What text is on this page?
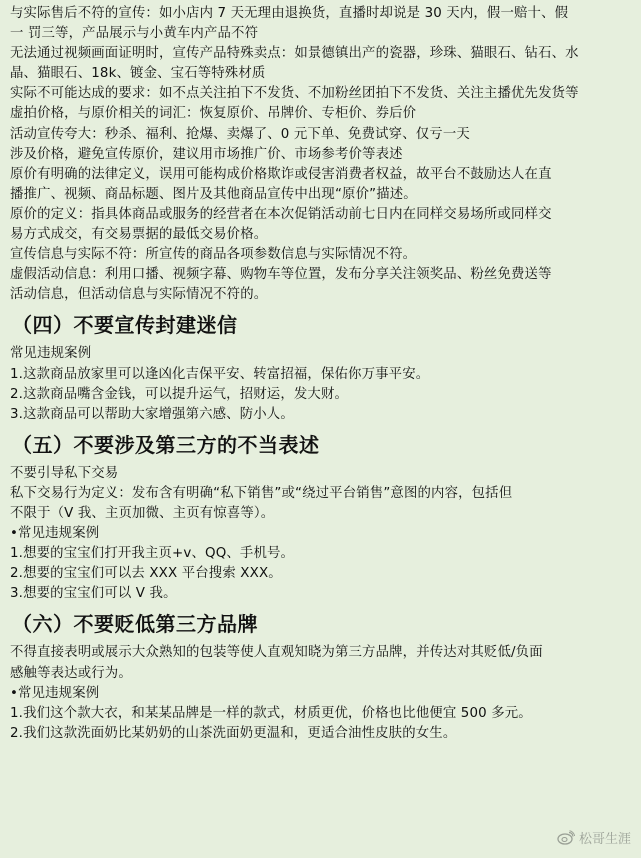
与实际售后不符的宣传：如小店内 7 天无理由退换货，直播时却说是 30 天内，假一赔十、假
一 罚三等，产品展示与小黄车内产品不符
无法通过视频画面证明时，宣传产品特殊卖点：如景德镇出产的瓷器，珍珠、猫眼石、钻石、水
晶、猫眼石、18k、镀金、宝石等特殊材质
实际不可能达成的要求：如不点关注拍下不发货、不加粉丝团拍下不发货、关注主播优先发货等
虚拍价格，与原价相关的词汇：恢复原价、吊牌价、专柜价、券后价
活动宣传夸大：秒杀、福利、抢爆、卖爆了、0 元下单、免费试穿、仅亏一天
涉及价格，避免宣传原价，建议用市场推广价、市场参考价等表述
原价有明确的法律定义，误用可能构成价格欺诈或侵害消费者权益，故平台不鼓励达人在直
播推广、视频、商品标题、图片及其他商品宣传中出现“原价”描述。
原价的定义：指具体商品或服务的经营者在本次促销活动前七日内在同样交易场所或同样交
易方式成交，有交易票据的最低交易价格。
宣传信息与实际不符：所宣传的商品各项参数信息与实际情况不符。
虚假活动信息：利用口播、视频字幕、购物车等位置，发布分享关注领奖品、粉丝免费送等
活动信息，但活动信息与实际情况不符的。
（四）不要宣传封建迷信
常见违规案例
1.这款商品放家里可以逢凶化吉保平安、转富招福，保佑你万事平安。
2.这款商品嘴含金钱，可以提升运气，招财运，发大财。
3.这款商品可以帮助大家增强第六感、防小人。
（五）不要涉及第三方的不当表述
不要引导私下交易
私下交易行为定义：发布含有明确“私下销售”或“绕过平台销售”意图的内容，包括但
不限于（V 我、主页加微、主页有惊喜等）。
•常见违规案例
1.想要的宝宝们打开我主页+v、QQ、手机号。
2.想要的宝宝们可以去 XXX 平台搜索 XXX。
3.想要的宝宝们可以 V 我。
（六）不要贬低第三方品牌
不得直接表明或展示大众熟知的包装等使人直观知晓为第三方品牌，并传达对其贬低/负面
感触等表达或行为。
•常见违规案例
1.我们这个款大衣，和某某品牌是一样的款式，材质更优，价格也比他便宜 500 多元。
2.我们这款洗面奶比某奶奶的山茶洗面奶更温和，更适合油性皮肤的女生。
松哥生涯
